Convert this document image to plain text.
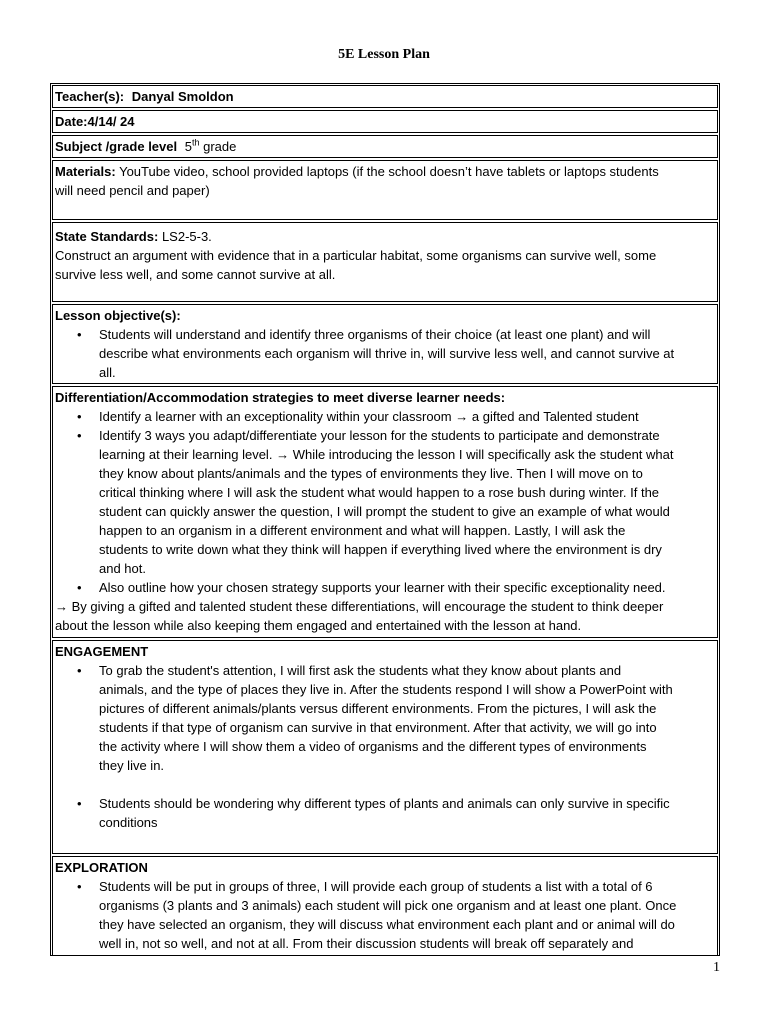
5E Lesson Plan
Teacher(s): Danyal Smoldon
Date:4/14/ 24
Subject /grade level 5th grade
Materials: YouTube video, school provided laptops (if the school doesn’t have tablets or laptops students
will need pencil and paper)
State Standards: LS2-5-3.
Construct an argument with evidence that in a particular habitat, some organisms can survive well, some
survive less well, and some cannot survive at all.
Lesson objective(s):
• Students will understand and identify three organisms of their choice (at least one plant) and will
describe what environments each organism will thrive in, will survive less well, and cannot survive at
all.
Differentiation/Accommodation strategies to meet diverse learner needs:
• Identify a learner with an exceptionality within your classroom → a gifted and Talented student
• Identify 3 ways you adapt/differentiate your lesson for the students to participate and demonstrate
learning at their learning level. → While introducing the lesson I will specifically ask the student what
they know about plants/animals and the types of environments they live. Then I will move on to
critical thinking where I will ask the student what would happen to a rose bush during winter. If the
student can quickly answer the question, I will prompt the student to give an example of what would
happen to an organism in a different environment and what will happen. Lastly, I will ask the
students to write down what they think will happen if everything lived where the environment is dry
and hot.
• Also outline how your chosen strategy supports your learner with their specific exceptionality need.
→ By giving a gifted and talented student these differentiations, will encourage the student to think deeper
about the lesson while also keeping them engaged and entertained with the lesson at hand.
ENGAGEMENT
• To grab the student's attention, I will first ask the students what they know about plants and
animals, and the type of places they live in. After the students respond I will show a PowerPoint with
pictures of different animals/plants versus different environments. From the pictures, I will ask the
students if that type of organism can survive in that environment. After that activity, we will go into
the activity where I will show them a video of organisms and the different types of environments
they live in.
• Students should be wondering why different types of plants and animals can only survive in specific
conditions
EXPLORATION
• Students will be put in groups of three, I will provide each group of students a list with a total of 6
organisms (3 plants and 3 animals) each student will pick one organism and at least one plant. Once
they have selected an organism, they will discuss what environment each plant and or animal will do
well in, not so well, and not at all. From their discussion students will break off separately and
1
